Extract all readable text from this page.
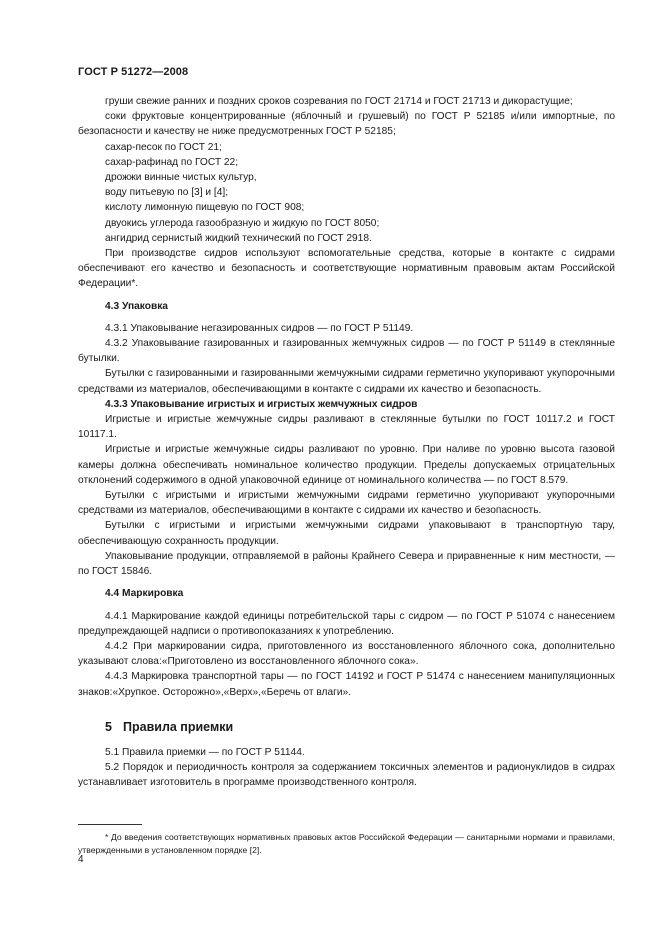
ГОСТ Р 51272—2008

груши свежие ранних и поздних сроков созревания по ГОСТ 21714 и ГОСТ 21713 и дикорастущие;

соки фруктовые концентрированные (яблочный и грушевый) по ГОСТ Р 52185 и/или импортные, по безопасности и качеству не ниже предусмотренных ГОСТ Р 52185;

сахар-песок по ГОСТ 21;

сахар-рафинад по ГОСТ 22;

дрожжи винные чистых культур,

воду питьевую по [3] и [4];

кислоту лимонную пищевую по ГОСТ 908;

двуокись углерода газообразную и жидкую по ГОСТ 8050;

ангидрид сернистый жидкий технический по ГОСТ 2918.

При производстве сидров используют вспомогательные средства, которые в контакте с сидрами обеспечивают его качество и безопасность и соответствующие нормативным правовым актам Российской Федерации*.

4.3 Упаковка

4.3.1 Упаковывание негазированных сидров — по ГОСТ Р 51149.

4.3.2 Упаковывание газированных и газированных жемчужных сидров — по ГОСТ Р 51149 в стеклянные бутылки.

Бутылки с газированными и газированными жемчужными сидрами герметично укупоривают укупорочными средствами из материалов, обеспечивающими в контакте с сидрами их качество и безопасность.

4.3.3 Упаковывание игристых и игристых жемчужных сидров

Игристые и игристые жемчужные сидры разливают в стеклянные бутылки по ГОСТ 10117.2 и ГОСТ 10117.1.

Игристые и игристые жемчужные сидры разливают по уровню. При наливе по уровню высота газовой камеры должна обеспечивать номинальное количество продукции. Пределы допускаемых отрицательных отклонений содержимого в одной упаковочной единице от номинального количества — по ГОСТ 8.579.

Бутылки с игристыми и игристыми жемчужными сидрами герметично укупоривают укупорочными средствами из материалов, обеспечивающими в контакте с сидрами их качество и безопасность.

Бутылки с игристыми и игристыми жемчужными сидрами упаковывают в транспортную тару, обеспечивающую сохранность продукции.

Упаковывание продукции, отправляемой в районы Крайнего Севера и приравненные к ним местности, — по ГОСТ 15846.

4.4 Маркировка

4.4.1 Маркирование каждой единицы потребительской тары с сидром — по ГОСТ Р 51074 с нанесением предупреждающей надписи о противопоказаниях к употреблению.

4.4.2 При маркировании сидра, приготовленного из восстановленного яблочного сока, дополнительно указывают слова:«Приготовлено из восстановленного яблочного сока».

4.4.3 Маркировка транспортной тары — по ГОСТ 14192 и ГОСТ Р 51474 с нанесением манипуляционных знаков:«Хрупкое. Осторожно»,«Верх»,«Беречь от влаги».

5 Правила приемки

5.1 Правила приемки — по ГОСТ Р 51144.

5.2 Порядок и периодичность контроля за содержанием токсичных элементов и радионуклидов в сидрах устанавливает изготовитель в программе производственного контроля.

* До введения соответствующих нормативных правовых актов Российской Федерации — санитарными нормами и правилами, утвержденными в установленном порядке [2].

4
